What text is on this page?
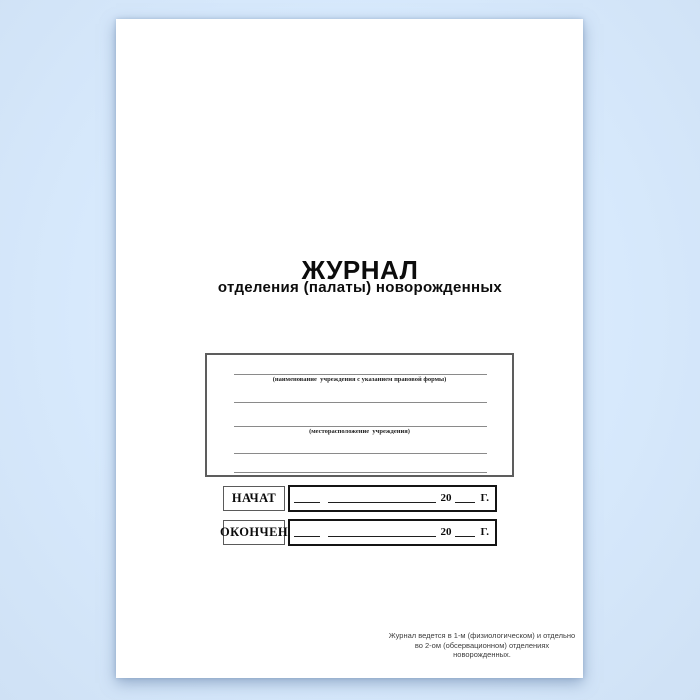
ЖУРНАЛ
отделения (палаты) новорожденных
(наименование  учреждения с указанием правовой формы)
(месторасположение  учреждения)
НАЧАТ	20	Г.
ОКОНЧЕН	20	Г.
Журнал ведется в 1-м (физиологическом) и отдельно
во 2-ом (обсервационном) отделениях новорожденных.
